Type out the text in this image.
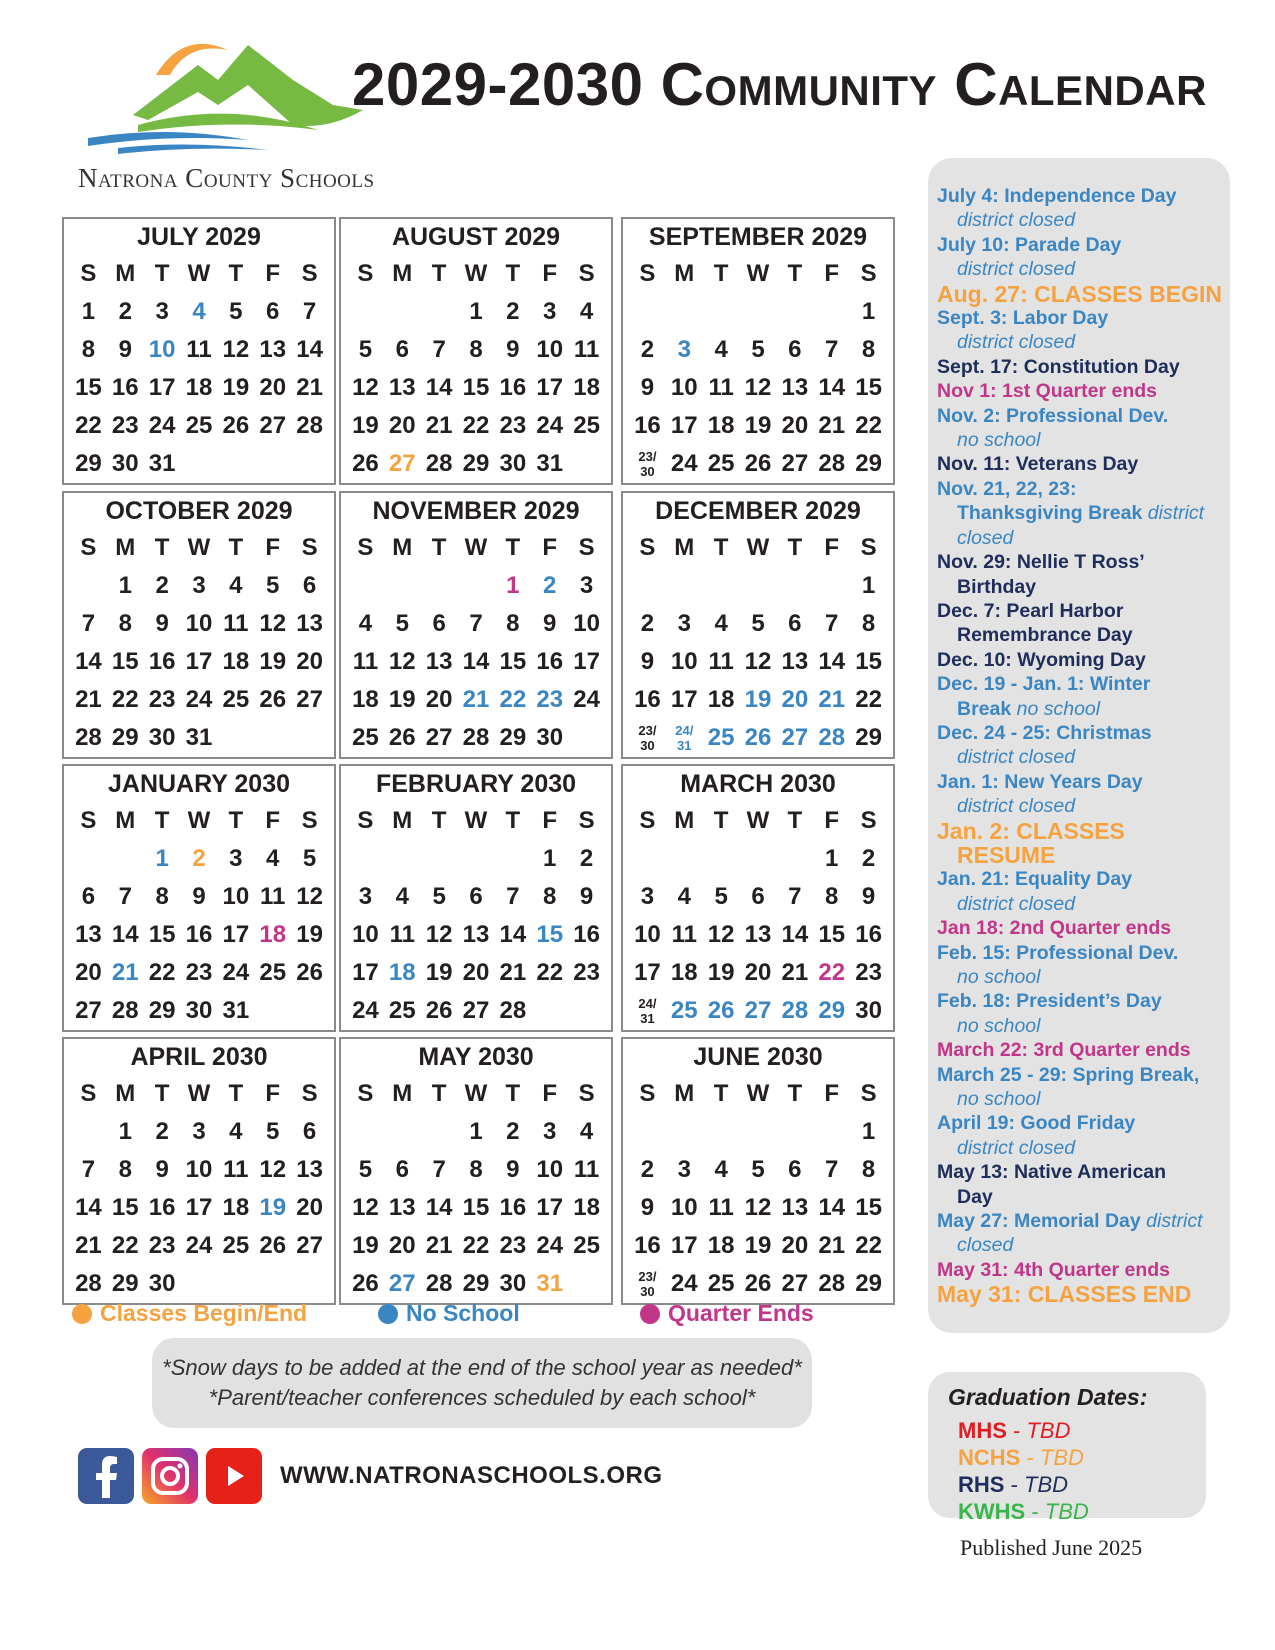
Natrona County Schools
2029-2030 Community Calendar
JULY 2029
S M T W T F S
1 2 3 4 5 6 7
8 9 10 11 12 13 14
15 16 17 18 19 20 21
22 23 24 25 26 27 28
29 30 31
AUGUST 2029
S M T W T F S
1 2 3 4
5 6 7 8 9 10 11
12 13 14 15 16 17 18
19 20 21 22 23 24 25
26 27 28 29 30 31
SEPTEMBER 2029
S M T W T F S
1
2 3 4 5 6 7 8
9 10 11 12 13 14 15
16 17 18 19 20 21 22
23/
30 24 25 26 27 28 29
OCTOBER 2029
S M T W T F S
1 2 3 4 5 6
7 8 9 10 11 12 13
14 15 16 17 18 19 20
21 22 23 24 25 26 27
28 29 30 31
NOVEMBER 2029
S M T W T F S
1 2 3
4 5 6 7 8 9 10
11 12 13 14 15 16 17
18 19 20 21 22 23 24
25 26 27 28 29 30
DECEMBER 2029
S M T W T F S
1
2 3 4 5 6 7 8
9 10 11 12 13 14 15
16 17 18 19 20 21 22
23/
30
24/
31 25 26 27 28 29
JANUARY 2030
S M T W T F S
1 2 3 4 5
6 7 8 9 10 11 12
13 14 15 16 17 18 19
20 21 22 23 24 25 26
27 28 29 30 31
FEBRUARY 2030
S M T W T F S
1 2
3 4 5 6 7 8 9
10 11 12 13 14 15 16
17 18 19 20 21 22 23
24 25 26 27 28
MARCH 2030
S M T W T F S
1 2
3 4 5 6 7 8 9
10 11 12 13 14 15 16
17 18 19 20 21 22 23
24/
31 25 26 27 28 29 30
APRIL 2030
S M T W T F S
1 2 3 4 5 6
7 8 9 10 11 12 13
14 15 16 17 18 19 20
21 22 23 24 25 26 27
28 29 30
MAY 2030
S M T W T F S
1 2 3 4
5 6 7 8 9 10 11
12 13 14 15 16 17 18
19 20 21 22 23 24 25
26 27 28 29 30 31
JUNE 2030
S M T W T F S
1
2 3 4 5 6 7 8
9 10 11 12 13 14 15
16 17 18 19 20 21 22
23/
30 24 25 26 27 28 29
Classes Begin/End	No School	Quarter Ends
*Snow days to be added at the end of the school year as needed*
*Parent/teacher conferences scheduled by each school*
WWW.NATRONASCHOOLS.ORG
July 4: Independence Day
district closed
July 10: Parade Day
district closed
Aug. 27: CLASSES BEGIN
Sept. 3: Labor Day
district closed
Sept. 17: Constitution Day
Nov 1: 1st Quarter ends
Nov. 2: Professional Dev.
no school
Nov. 11: Veterans Day
Nov. 21, 22, 23:
Thanksgiving Break district
closed
Nov. 29: Nellie T Ross’
Birthday
Dec. 7: Pearl Harbor
Remembrance Day
Dec. 10: Wyoming Day
Dec. 19 - Jan. 1: Winter
Break no school
Dec. 24 - 25: Christmas
district closed
Jan. 1: New Years Day
district closed
Jan. 2: CLASSES
RESUME
Jan. 21: Equality Day
district closed
Jan 18: 2nd Quarter ends
Feb. 15: Professional Dev.
no school
Feb. 18: President’s Day
no school
March 22: 3rd Quarter ends
March 25 - 29: Spring Break,
no school
April 19: Good Friday
district closed
May 13: Native American
Day
May 27: Memorial Day district
closed
May 31: 4th Quarter ends
May 31: CLASSES END
Graduation Dates:
MHS - TBD
NCHS - TBD
RHS - TBD
KWHS - TBD
Published June 2025
